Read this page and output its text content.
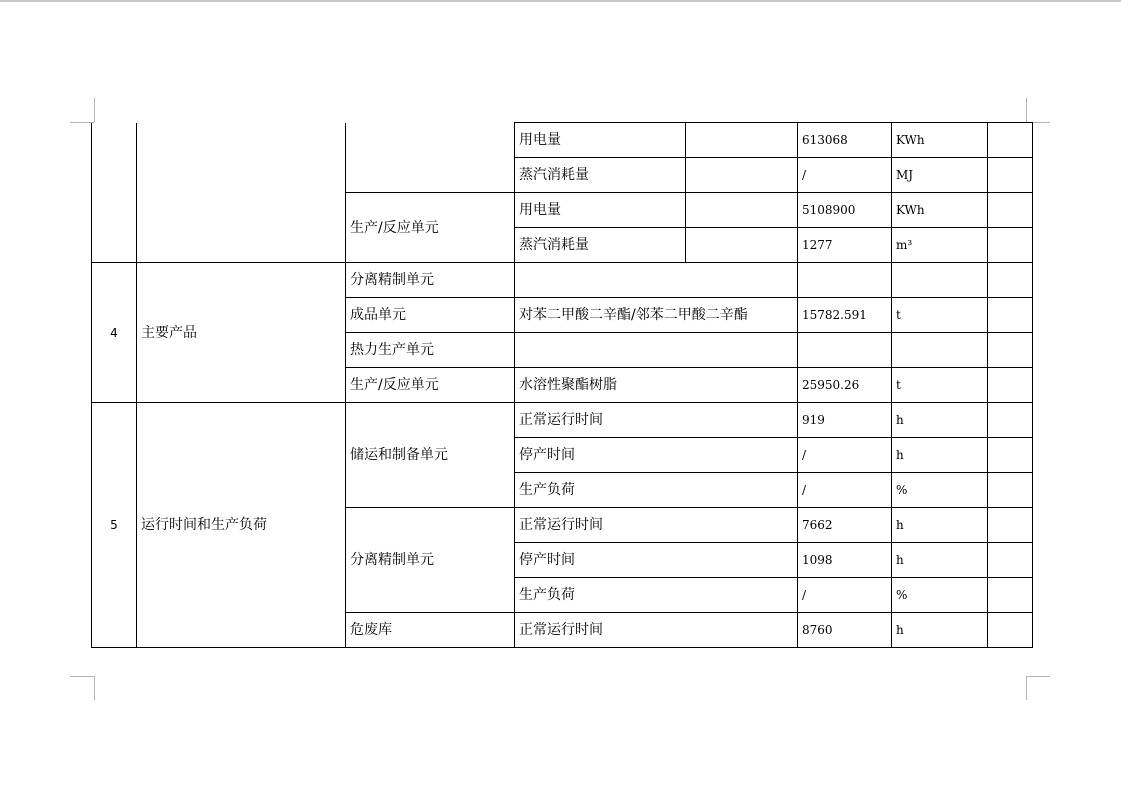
			用电量		613068	KWh	
			蒸汽消耗量		/	MJ	
		生产/反应单元	用电量		5108900	KWh	
			蒸汽消耗量		1277	m³	
4	主要产品	分离精制单元					
		成品单元	对苯二甲酸二辛酯/邻苯二甲酸二辛酯		15782.591	t	
		热力生产单元					
		生产/反应单元	水溶性聚酯树脂		25950.26	t	
5	运行时间和生产负荷	储运和制备单元	正常运行时间		919	h	
			停产时间		/	h	
			生产负荷		/	%	
		分离精制单元	正常运行时间		7662	h	
			停产时间		1098	h	
			生产负荷		/	%	
		危废库	正常运行时间		8760	h	
